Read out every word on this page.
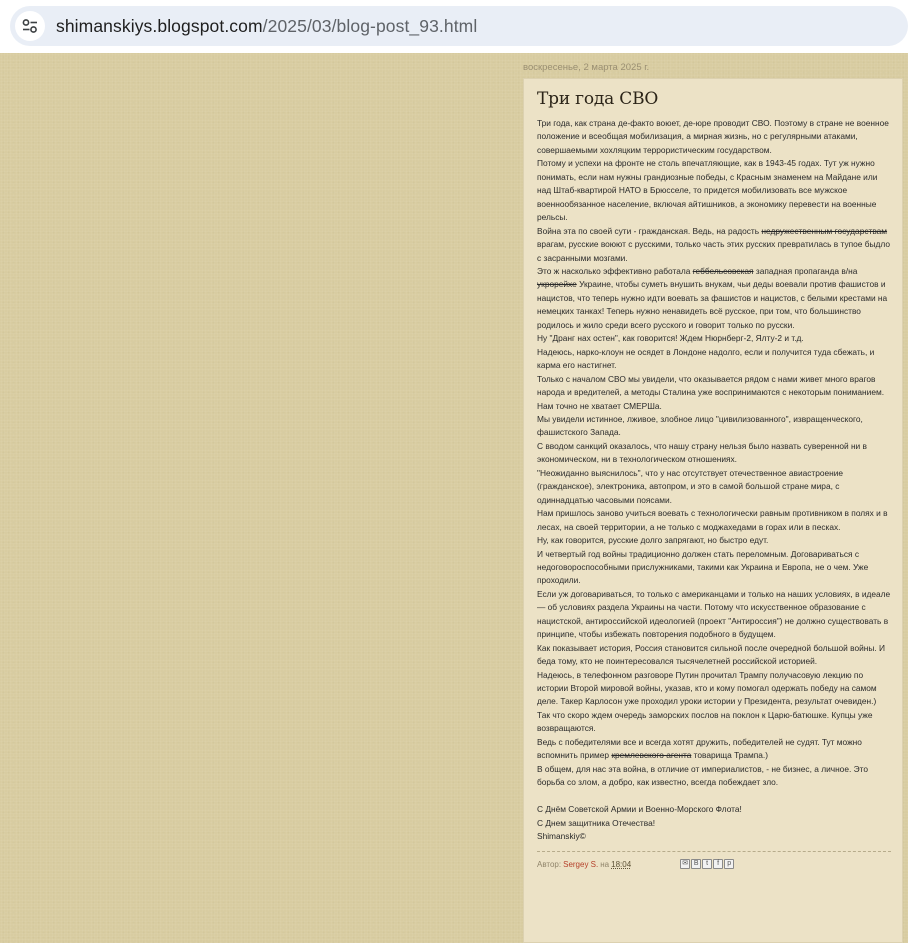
shimanskiys.blogspot.com/2025/03/blog-post_93.html
воскресенье, 2 марта 2025 г.
Три года СВО

Три года, как страна де-факто воюет, де-юре проводит СВО. Поэтому в стране не военное положение и всеобщая мобилизация, а мирная жизнь, но с регулярными атаками, совершаемыми хохляцким террористическим государством.

Потому и успехи на фронте не столь впечатляющие, как в 1943-45 годах. Тут уж нужно понимать, если нам нужны грандиозные победы, с Красным знаменем на Майдане или над Штаб-квартирой НАТО в Брюсселе, то придется мобилизовать все мужское военнообязанное население, включая айтишников, а экономику перевести на военные рельсы.

Война эта по своей сути - гражданская. Ведь, на радость недружественным государствам врагам, русские воюют с русскими, только часть этих русских превратилась в тупое быдло с засранными мозгами.

Это ж насколько эффективно работала геббельсовская западная пропаганда в/на укрорейхе Украине, чтобы суметь внушить внукам, чьи деды воевали против фашистов и нацистов, что теперь нужно идти воевать за фашистов и нацистов, с белыми крестами на немецких танках! Теперь нужно ненавидеть всё русское, при том, что большинство родилось и жило среди всего русского и говорит только по русски.

Ну "Дранг нах остен", как говорится! Ждем Нюрнберг-2, Ялту-2 и т.д.

Надеюсь, нарко-клоун не осядет в Лондоне надолго, если и получится туда сбежать, и карма его настигнет.

Только с началом СВО мы увидели, что оказывается рядом с нами живет много врагов народа и вредителей, а методы Сталина уже воспринимаются с некоторым пониманием. Нам точно не хватает СМЕРШа.

Мы увидели истинное, лживое, злобное лицо "цивилизованного", извращенческого, фашистского Запада.

С вводом санкций оказалось, что нашу страну нельзя было назвать суверенной ни в экономическом, ни в технологическом отношениях.

"Неожиданно выяснилось", что у нас отсутствует отечественное авиастроение (гражданское), электроника, автопром, и это в самой большой стране мира, с одиннадцатью часовыми поясами.

Нам пришлось заново учиться воевать с технологически равным противником в полях и в лесах, на своей территории, а не только с моджахедами в горах или в песках.

Ну, как говорится, русские долго запрягают, но быстро едут.

И четвертый год войны традиционно должен стать переломным. Договариваться с недоговороспособными прислужниками, такими как Украина и Европа, не о чем. Уже проходили.

Если уж договариваться, то только с американцами и только на наших условиях, в идеале — об условиях раздела Украины на части. Потому что искусственное образование с нацистской, антироссийской идеологией (проект "Антироссия") не должно существовать в принципе, чтобы избежать повторения подобного в будущем.

Как показывает история, Россия становится сильной после очередной большой войны. И беда тому, кто не поинтересовался тысячелетней российской историей.

Надеюсь, в телефонном разговоре Путин прочитал Трампу получасовую лекцию по истории Второй мировой войны, указав, кто и кому помогал одержать победу на самом деле. Такер Карлосон уже проходил уроки истории у Президента, результат очевиден.)

Так что скоро ждем очередь заморских послов на поклон к Царю-батюшке. Купцы уже возвращаются.

Ведь с победителями все и всегда хотят дружить, победителей не судят. Тут можно вспомнить пример кремлевского агента товарища Трампа.)

В общем, для нас эта война, в отличие от империалистов, - не бизнес, а личное. Это борьба со злом, а добро, как известно, всегда побеждает зло.

С Днём Советской Армии и Военно-Морского Флота!

С Днем защитника Отечества!

Shimanskiy©

Автор: Sergey S. на 18:04	✉ B	t	f	p
